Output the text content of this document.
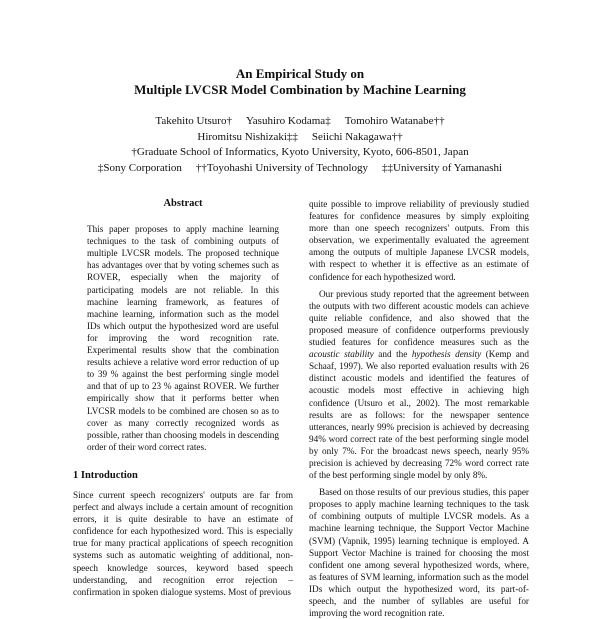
An Empirical Study on
Multiple LVCSR Model Combination by Machine Learning
Takehito Utsuro† Yasuhiro Kodama‡ Tomohiro Watanabe††
Hiromitsu Nishizaki‡‡ Seiichi Nakagawa††
†Graduate School of Informatics, Kyoto University, Kyoto, 606-8501, Japan
‡Sony Corporation ††Toyohashi University of Technology ‡‡University of Yamanashi
Abstract

This paper proposes to apply machine learning techniques to the task of combining outputs of multiple LVCSR models. The proposed technique has advantages over that by voting schemes such as ROVER, especially when the majority of participating models are not reliable. In this machine learning framework, as features of machine learning, information such as the model IDs which output the hypothesized word are useful for improving the word recognition rate. Experimental results show that the combination results achieve a relative word error reduction of up to 39 % against the best performing single model and that of up to 23 % against ROVER. We further empirically show that it performs better when LVCSR models to be combined are chosen so as to cover as many correctly recognized words as possible, rather than choosing models in descending order of their word correct rates.

1 Introduction

Since current speech recognizers' outputs are far from perfect and always include a certain amount of recognition errors, it is quite desirable to have an estimate of confidence for each hypothesized word. This is especially true for many practical applications of speech recognition systems such as automatic weighting of additional, non-speech knowledge sources, keyword based speech understanding, and recognition error rejection – confirmation in spoken dialogue systems. Most of previous

quite possible to improve reliability of previously studied features for confidence measures by simply exploiting more than one speech recognizers' outputs. From this observation, we experimentally evaluated the agreement among the outputs of multiple Japanese LVCSR models, with respect to whether it is effective as an estimate of confidence for each hypothesized word.

Our previous study reported that the agreement between the outputs with two different acoustic models can achieve quite reliable confidence, and also showed that the proposed measure of confidence outperforms previously studied features for confidence measures such as the acoustic stability and the hypothesis density (Kemp and Schaaf, 1997). We also reported evaluation results with 26 distinct acoustic models and identified the features of acoustic models most effective in achieving high confidence (Utsuro et al., 2002). The most remarkable results are as follows: for the newspaper sentence utterances, nearly 99% precision is achieved by decreasing 94% word correct rate of the best performing single model by only 7%. For the broadcast news speech, nearly 95% precision is achieved by decreasing 72% word correct rate of the best performing single model by only 8%.

Based on those results of our previous studies, this paper proposes to apply machine learning techniques to the task of combining outputs of multiple LVCSR models. As a machine learning technique, the Support Vector Machine (SVM) (Vapnik, 1995) learning technique is employed. A Support Vector Machine is trained for choosing the most confident one among several hypothesized words, where, as features of SVM learning, information such as the model IDs which output the hypothesized word, its part-of-speech, and the number of syllables are useful for improving the word recognition rate.
